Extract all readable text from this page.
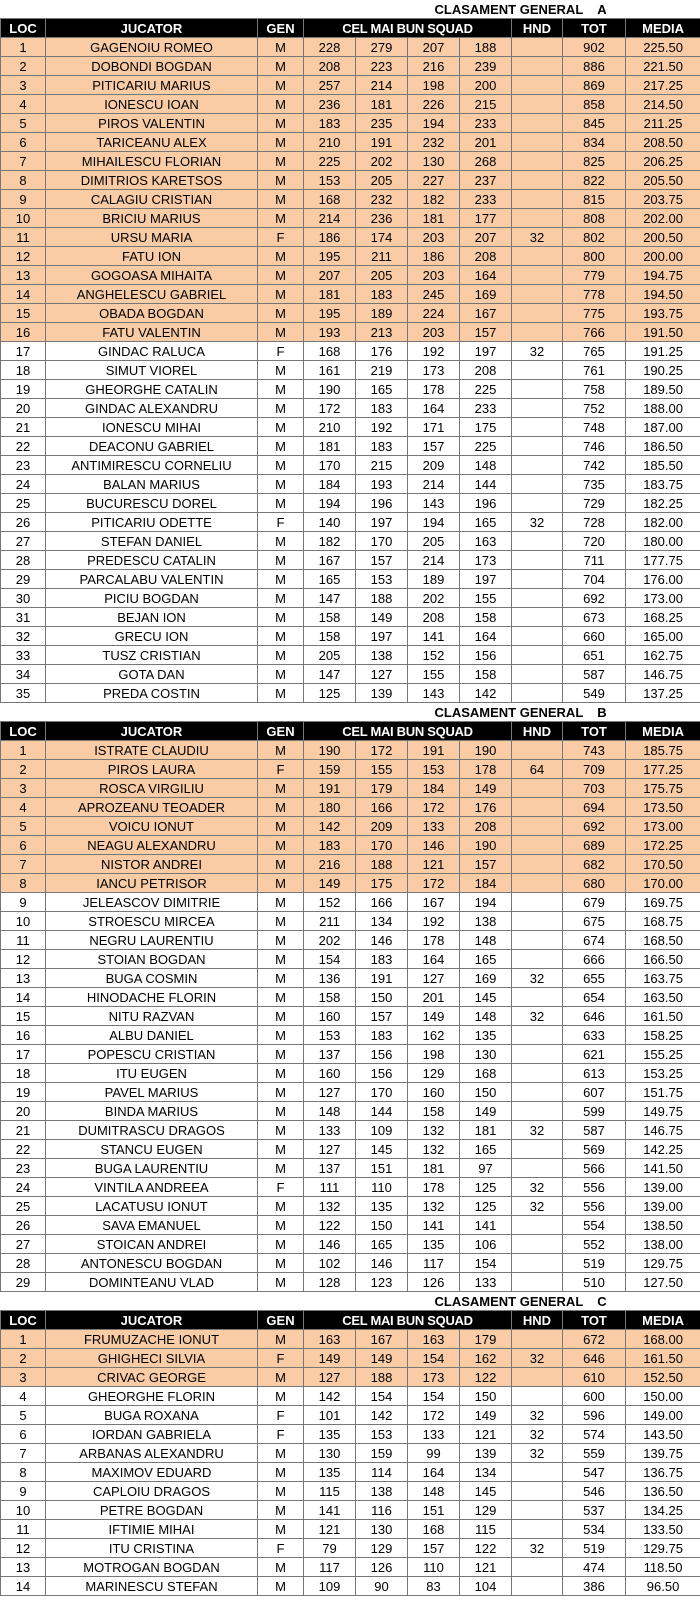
CLASAMENT GENERAL A									
LOC	JUCATOR	GEN	CEL MAI BUN SQUAD				HND	TOT	MEDIA
1	GAGENOIU ROMEO	M	228	279	207	188		902	225.50
2	DOBONDI BOGDAN	M	208	223	216	239		886	221.50
3	PITICARIU MARIUS	M	257	214	198	200		869	217.25
4	IONESCU IOAN	M	236	181	226	215		858	214.50
5	PIROS VALENTIN	M	183	235	194	233		845	211.25
6	TARICEANU ALEX	M	210	191	232	201		834	208.50
7	MIHAILESCU FLORIAN	M	225	202	130	268		825	206.25
8	DIMITRIOS KARETSOS	M	153	205	227	237		822	205.50
9	CALAGIU CRISTIAN	M	168	232	182	233		815	203.75
10	BRICIU MARIUS	M	214	236	181	177		808	202.00
11	URSU MARIA	F	186	174	203	207	32	802	200.50
12	FATU ION	M	195	211	186	208		800	200.00
13	GOGOASA MIHAITA	M	207	205	203	164		779	194.75
14	ANGHELESCU GABRIEL	M	181	183	245	169		778	194.50
15	OBADA BOGDAN	M	195	189	224	167		775	193.75
16	FATU VALENTIN	M	193	213	203	157		766	191.50
17	GINDAC RALUCA	F	168	176	192	197	32	765	191.25
18	SIMUT VIOREL	M	161	219	173	208		761	190.25
19	GHEORGHE CATALIN	M	190	165	178	225		758	189.50
20	GINDAC ALEXANDRU	M	172	183	164	233		752	188.00
21	IONESCU MIHAI	M	210	192	171	175		748	187.00
22	DEACONU GABRIEL	M	181	183	157	225		746	186.50
23	ANTIMIRESCU CORNELIU	M	170	215	209	148		742	185.50
24	BALAN MARIUS	M	184	193	214	144		735	183.75
25	BUCURESCU DOREL	M	194	196	143	196		729	182.25
26	PITICARIU ODETTE	F	140	197	194	165	32	728	182.00
27	STEFAN DANIEL	M	182	170	205	163		720	180.00
28	PREDESCU CATALIN	M	167	157	214	173		711	177.75
29	PARCALABU VALENTIN	M	165	153	189	197		704	176.00
30	PICIU BOGDAN	M	147	188	202	155		692	173.00
31	BEJAN ION	M	158	149	208	158		673	168.25
32	GRECU ION	M	158	197	141	164		660	165.00
33	TUSZ CRISTIAN	M	205	138	152	156		651	162.75
34	GOTA DAN	M	147	127	155	158		587	146.75
35	PREDA COSTIN	M	125	139	143	142		549	137.25
CLASAMENT GENERAL B									
LOC	JUCATOR	GEN	CEL MAI BUN SQUAD				HND	TOT	MEDIA
1	ISTRATE CLAUDIU	M	190	172	191	190		743	185.75
2	PIROS LAURA	F	159	155	153	178	64	709	177.25
3	ROSCA VIRGILIU	M	191	179	184	149		703	175.75
4	APROZEANU TEOADER	M	180	166	172	176		694	173.50
5	VOICU IONUT	M	142	209	133	208		692	173.00
6	NEAGU ALEXANDRU	M	183	170	146	190		689	172.25
7	NISTOR ANDREI	M	216	188	121	157		682	170.50
8	IANCU PETRISOR	M	149	175	172	184		680	170.00
9	JELEASCOV DIMITRIE	M	152	166	167	194		679	169.75
10	STROESCU MIRCEA	M	211	134	192	138		675	168.75
11	NEGRU LAURENTIU	M	202	146	178	148		674	168.50
12	STOIAN BOGDAN	M	154	183	164	165		666	166.50
13	BUGA COSMIN	M	136	191	127	169	32	655	163.75
14	HINODACHE FLORIN	M	158	150	201	145		654	163.50
15	NITU RAZVAN	M	160	157	149	148	32	646	161.50
16	ALBU DANIEL	M	153	183	162	135		633	158.25
17	POPESCU CRISTIAN	M	137	156	198	130		621	155.25
18	ITU EUGEN	M	160	156	129	168		613	153.25
19	PAVEL MARIUS	M	127	170	160	150		607	151.75
20	BINDA MARIUS	M	148	144	158	149		599	149.75
21	DUMITRASCU DRAGOS	M	133	109	132	181	32	587	146.75
22	STANCU EUGEN	M	127	145	132	165		569	142.25
23	BUGA LAURENTIU	M	137	151	181	97		566	141.50
24	VINTILA ANDREEA	F	111	110	178	125	32	556	139.00
25	LACATUSU IONUT	M	132	135	132	125	32	556	139.00
26	SAVA EMANUEL	M	122	150	141	141		554	138.50
27	STOICAN ANDREI	M	146	165	135	106		552	138.00
28	ANTONESCU BOGDAN	M	102	146	117	154		519	129.75
29	DOMINTEANU VLAD	M	128	123	126	133		510	127.50
CLASAMENT GENERAL C									
LOC	JUCATOR	GEN	CEL MAI BUN SQUAD				HND	TOT	MEDIA
1	FRUMUZACHE IONUT	M	163	167	163	179		672	168.00
2	GHIGHECI SILVIA	F	149	149	154	162	32	646	161.50
3	CRIVAC GEORGE	M	127	188	173	122		610	152.50
4	GHEORGHE FLORIN	M	142	154	154	150		600	150.00
5	BUGA ROXANA	F	101	142	172	149	32	596	149.00
6	IORDAN GABRIELA	F	135	153	133	121	32	574	143.50
7	ARBANAS ALEXANDRU	M	130	159	99	139	32	559	139.75
8	MAXIMOV EDUARD	M	135	114	164	134		547	136.75
9	CAPLOIU DRAGOS	M	115	138	148	145		546	136.50
10	PETRE BOGDAN	M	141	116	151	129		537	134.25
11	IFTIMIE MIHAI	M	121	130	168	115		534	133.50
12	ITU CRISTINA	F	79	129	157	122	32	519	129.75
13	MOTROGAN BOGDAN	M	117	126	110	121		474	118.50
14	MARINESCU STEFAN	M	109	90	83	104		386	96.50
